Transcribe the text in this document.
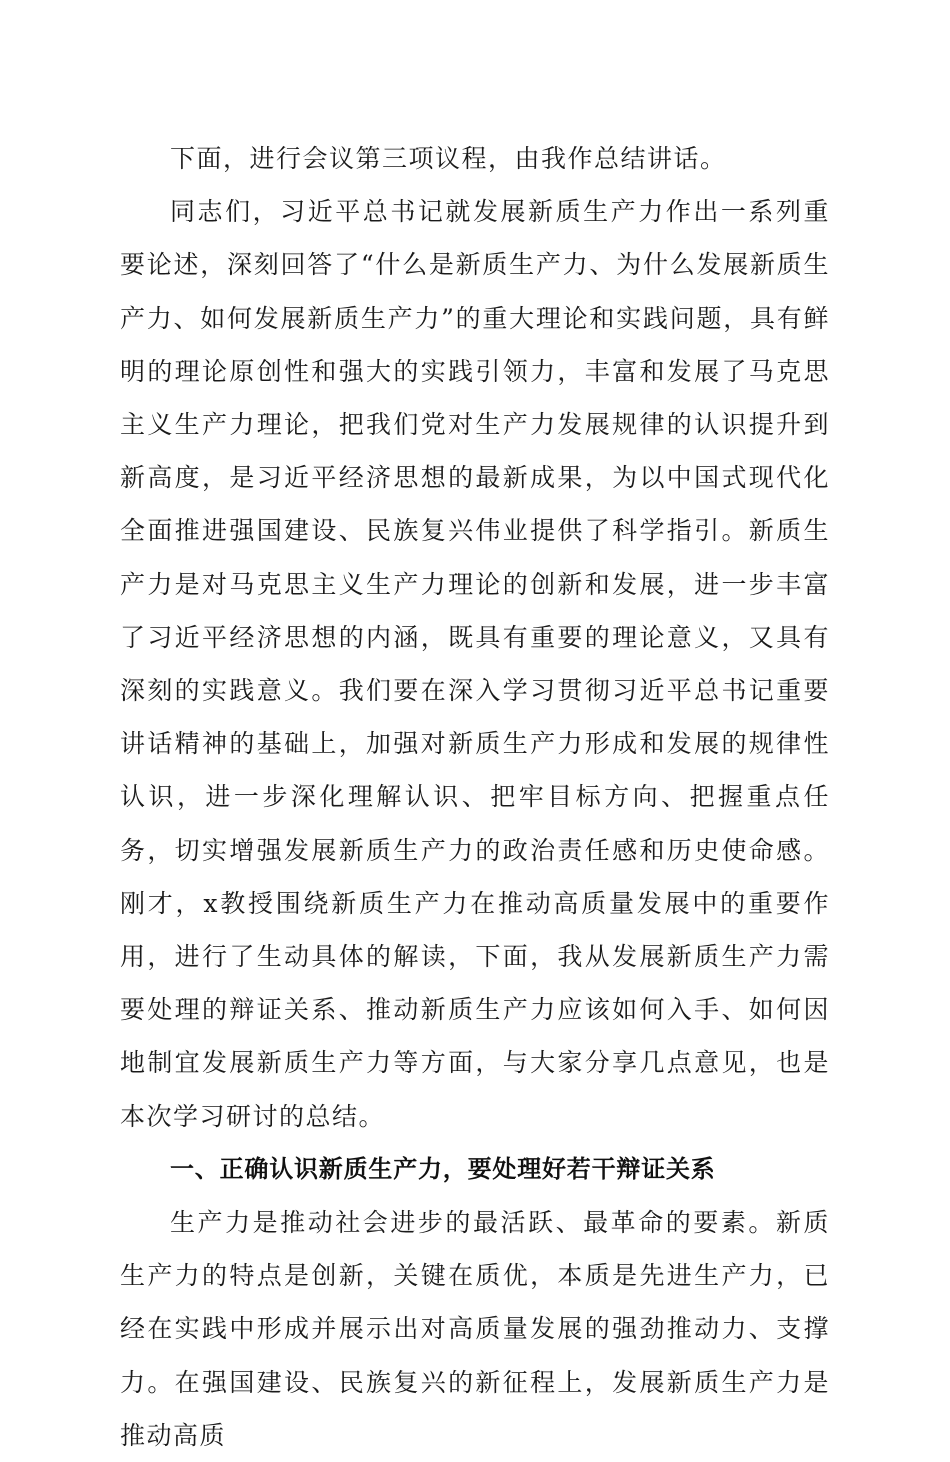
下面，进行会议第三项议程，由我作总结讲话。

同志们，习近平总书记就发展新质生产力作出一系列重要论述，深刻回答了“什么是新质生产力、为什么发展新质生产力、如何发展新质生产力”的重大理论和实践问题，具有鲜明的理论原创性和强大的实践引领力，丰富和发展了马克思主义生产力理论，把我们党对生产力发展规律的认识提升到新高度，是习近平经济思想的最新成果，为以中国式现代化全面推进强国建设、民族复兴伟业提供了科学指引。新质生产力是对马克思主义生产力理论的创新和发展，进一步丰富了习近平经济思想的内涵，既具有重要的理论意义，又具有深刻的实践意义。我们要在深入学习贯彻习近平总书记重要讲话精神的基础上，加强对新质生产力形成和发展的规律性认识，进一步深化理解认识、把牢目标方向、把握重点任务，切实增强发展新质生产力的政治责任感和历史使命感。刚才，x教授围绕新质生产力在推动高质量发展中的重要作用，进行了生动具体的解读，下面，我从发展新质生产力需要处理的辩证关系、推动新质生产力应该如何入手、如何因地制宜发展新质生产力等方面，与大家分享几点意见，也是本次学习研讨的总结。

一、正确认识新质生产力，要处理好若干辩证关系

生产力是推动社会进步的最活跃、最革命的要素。新质生产力的特点是创新，关键在质优，本质是先进生产力，已经在实践中形成并展示出对高质量发展的强劲推动力、支撑力。在强国建设、民族复兴的新征程上，发展新质生产力是推动高质
